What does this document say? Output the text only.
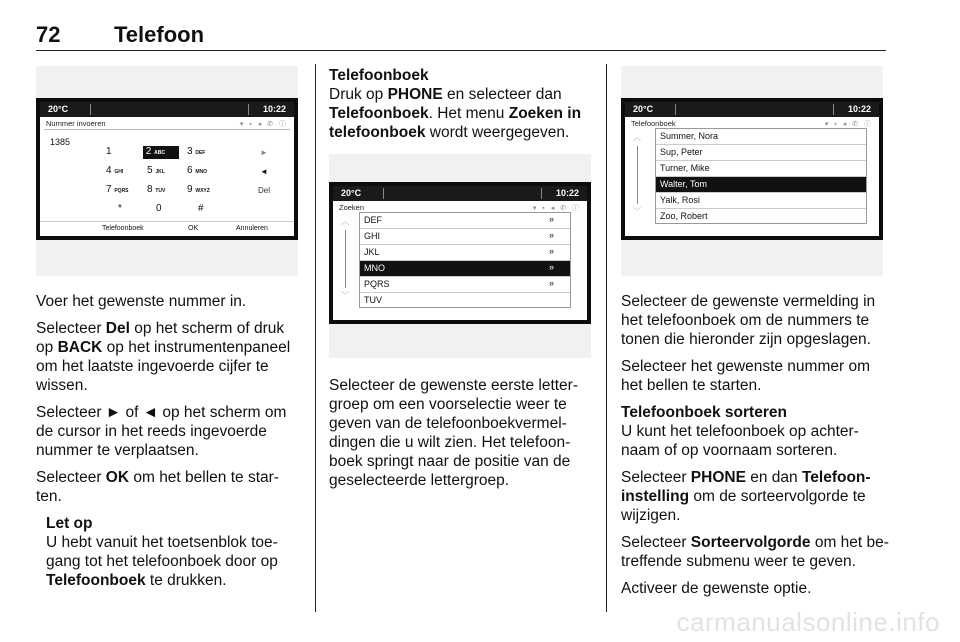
72 Telefoon
20°C	10:22
Nummer invoeren	▾ ▪ ◂ ✆ ⓘ
1385
1	2 ABC	3 DEF
4 GHI	5 JKL	6 MNO
7 PQRS	8 TUV	9 WXYZ
*	0	#
►
◄
Del
Telefoonboek	OK	Annuleren

Voer het gewenste nummer in.

Selecteer Del op het scherm of druk op BACK op het instrumentenpaneel om het laatste ingevoerde cijfer te wissen.

Selecteer ► of ◄ op het scherm om de cursor in het reeds ingevoerde nummer te verplaatsen.

Selecteer OK om het bellen te star-ten.

Let op
U hebt vanuit het toetsenblok toe-gang tot het telefoonboek door op Telefoonboek te drukken.
Telefoonboek

Druk op PHONE en selecteer dan Telefoonboek. Het menu Zoeken in telefoonboek wordt weergegeven.

20°C	10:22
Zoeken	▾ ▪ ◂ ✆ ⓘ
︿
﹀
DEF	»
GHI	»
JKL	»
MNO	»
PQRS	»
TUV

Selecteer de gewenste eerste letter-groep om een voorselectie weer te geven van de telefoonboekvermel-dingen die u wilt zien. Het telefoon-boek springt naar de positie van de geselecteerde lettergroep.

20°C	10:22
Telefoonboek	▾ ▪ ◂ ✆ ⓘ
︿
﹀
Summer, Nora
Sup, Peter
Turner, Mike
Walter, Tom
Yalk, Rosi
Zoo, Robert

Selecteer de gewenste vermelding in het telefoonboek om de nummers te tonen die hieronder zijn opgeslagen.

Selecteer het gewenste nummer om het bellen te starten.

Telefoonboek sorteren

U kunt het telefoonboek op achter-naam of op voornaam sorteren.

Selecteer PHONE en dan Telefoon-instelling om de sorteervolgorde te wijzigen.

Selecteer Sorteervolgorde om het be-treffende submenu weer te geven.

Activeer de gewenste optie.

carmanualsonline.info
